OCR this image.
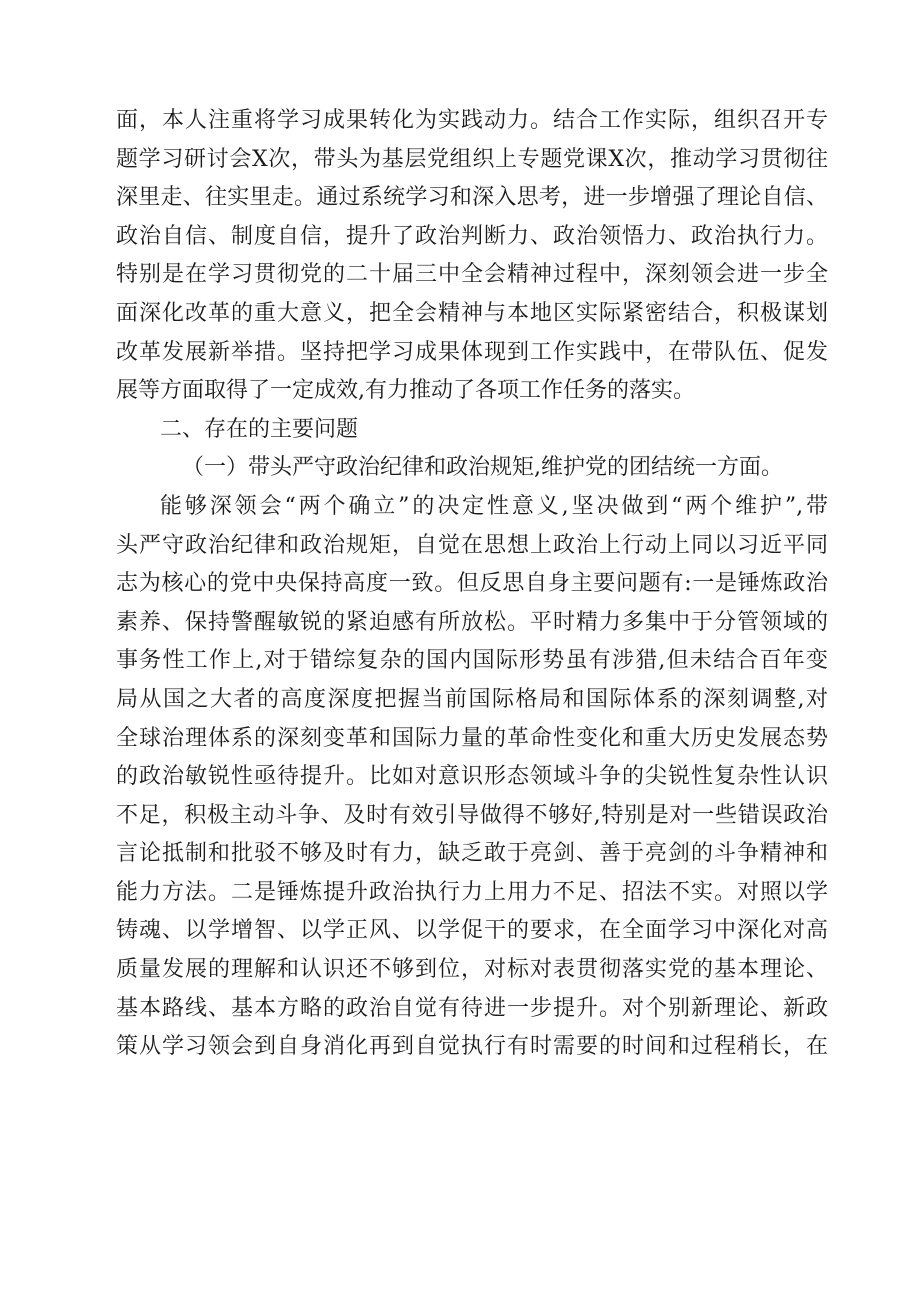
面，本人注重将学习成果转化为实践动力。结合工作实际，组织召开专
题学习研讨会X次，带头为基层党组织上专题党课X次，推动学习贯彻往
深里走、往实里走。通过系统学习和深入思考，进一步增强了理论自信、
政治自信、制度自信，提升了政治判断力、政治领悟力、政治执行力。
特别是在学习贯彻党的二十届三中全会精神过程中，深刻领会进一步全
面深化改革的重大意义，把全会精神与本地区实际紧密结合，积极谋划
改革发展新举措。坚持把学习成果体现到工作实践中，在带队伍、促发
展等方面取得了一定成效,有力推动了各项工作任务的落实。
二、存在的主要问题
（一）带头严守政治纪律和政治规矩,维护党的团结统一方面。
能够深领会“两个确立”的决定性意义,坚决做到“两个维护”,带
头严守政治纪律和政治规矩，自觉在思想上政治上行动上同以习近平同
志为核心的党中央保持高度一致。但反思自身主要问题有:一是锤炼政治
素养、保持警醒敏锐的紧迫感有所放松。平时精力多集中于分管领域的
事务性工作上,对于错综复杂的国内国际形势虽有涉猎,但未结合百年变
局从国之大者的高度深度把握当前国际格局和国际体系的深刻调整,对
全球治理体系的深刻变革和国际力量的革命性变化和重大历史发展态势
的政治敏锐性亟待提升。比如对意识形态领域斗争的尖锐性复杂性认识
不足，积极主动斗争、及时有效引导做得不够好,特别是对一些错误政治
言论抵制和批驳不够及时有力，缺乏敢于亮剑、善于亮剑的斗争精神和
能力方法。二是锤炼提升政治执行力上用力不足、招法不实。对照以学
铸魂、以学增智、以学正风、以学促干的要求，在全面学习中深化对高
质量发展的理解和认识还不够到位，对标对表贯彻落实党的基本理论、
基本路线、基本方略的政治自觉有待进一步提升。对个别新理论、新政
策从学习领会到自身消化再到自觉执行有时需要的时间和过程稍长，在
